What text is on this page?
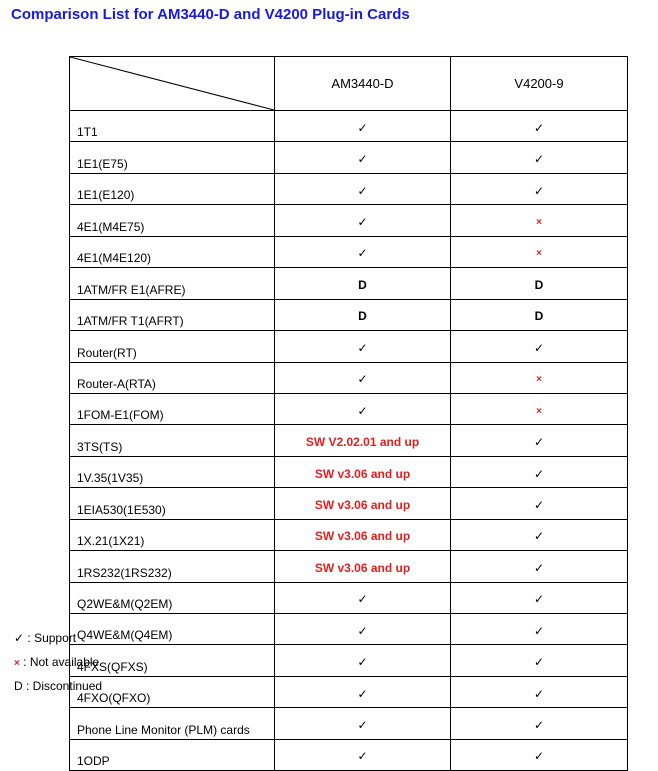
Comparison List for AM3440-D and V4200 Plug-in Cards
	AM3440-D	V4200-9
1T1	✓	✓
1E1(E75)	✓	✓
1E1(E120)	✓	✓
4E1(M4E75)	✓	×
4E1(M4E120)	✓	×
1ATM/FR E1(AFRE)	D	D
1ATM/FR T1(AFRT)	D	D
Router(RT)	✓	✓
Router-A(RTA)	✓	×
1FOM-E1(FOM)	✓	×
3TS(TS)	SW V2.02.01 and up	✓
1V.35(1V35)	SW v3.06 and up	✓
1EIA530(1E530)	SW v3.06 and up	✓
1X.21(1X21)	SW v3.06 and up	✓
1RS232(1RS232)	SW v3.06 and up	✓
Q2WE&M(Q2EM)	✓	✓
Q4WE&M(Q4EM)	✓	✓
4FXS(QFXS)	✓	✓
4FXO(QFXO)	✓	✓
Phone Line Monitor (PLM) cards	✓	✓
1ODP	✓	✓
✓ : Support
× : Not available
D : Discontinued
